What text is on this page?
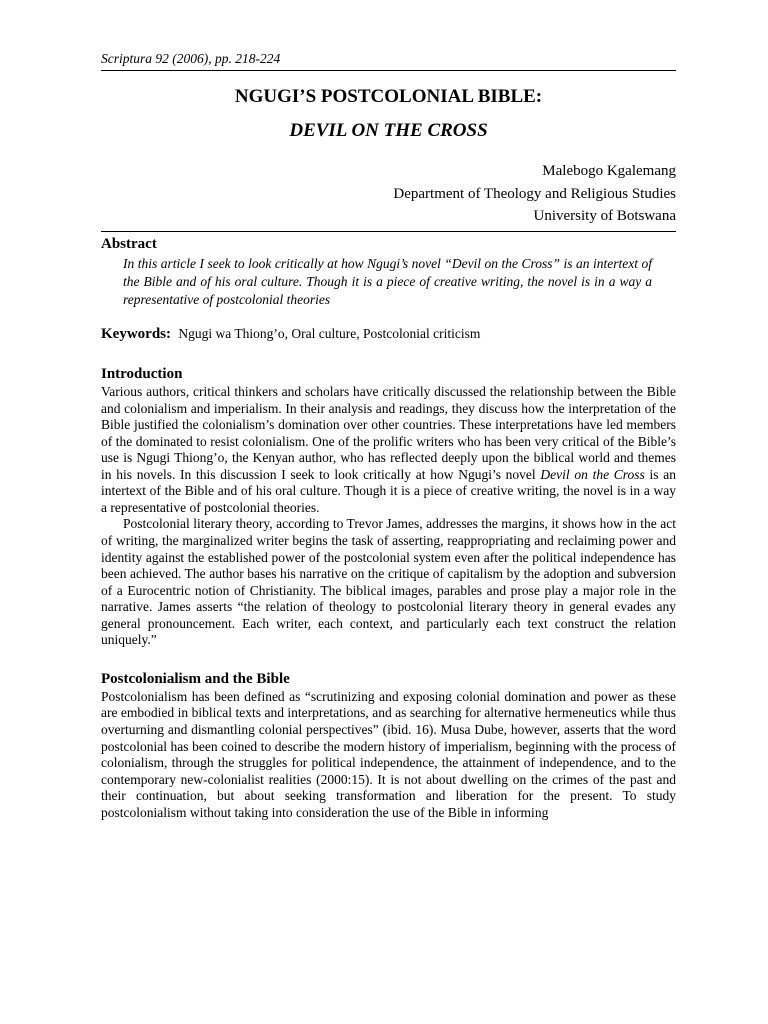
Scriptura 92 (2006), pp. 218-224
NGUGI’S POSTCOLONIAL BIBLE:
DEVIL ON THE CROSS
Malebogo Kgalemang
Department of Theology and Religious Studies
University of Botswana
Abstract
In this article I seek to look critically at how Ngugi’s novel “Devil on the Cross” is an intertext of the Bible and of his oral culture. Though it is a piece of creative writing, the novel is in a way a representative of postcolonial theories
Keywords: Ngugi wa Thiong’o, Oral culture, Postcolonial criticism
Introduction

Various authors, critical thinkers and scholars have critically discussed the relationship between the Bible and colonialism and imperialism. In their analysis and readings, they discuss how the interpretation of the Bible justified the colonialism’s domination over other countries. These interpretations have led members of the dominated to resist colonialism. One of the prolific writers who has been very critical of the Bible’s use is Ngugi Thiong’o, the Kenyan author, who has reflected deeply upon the biblical world and themes in his novels. In this discussion I seek to look critically at how Ngugi’s novel Devil on the Cross is an intertext of the Bible and of his oral culture. Though it is a piece of creative writing, the novel is in a way a representative of postcolonial theories.

Postcolonial literary theory, according to Trevor James, addresses the margins, it shows how in the act of writing, the marginalized writer begins the task of asserting, reappropriating and reclaiming power and identity against the established power of the postcolonial system even after the political independence has been achieved. The author bases his narrative on the critique of capitalism by the adoption and subversion of a Eurocentric notion of Christianity. The biblical images, parables and prose play a major role in the narrative. James asserts “the relation of theology to postcolonial literary theory in general evades any general pronouncement. Each writer, each context, and particularly each text construct the relation uniquely.”

Postcolonialism and the Bible

Postcolonialism has been defined as “scrutinizing and exposing colonial domination and power as these are embodied in biblical texts and interpretations, and as searching for alternative hermeneutics while thus overturning and dismantling colonial perspectives” (ibid. 16). Musa Dube, however, asserts that the word postcolonial has been coined to describe the modern history of imperialism, beginning with the process of colonialism, through the struggles for political independence, the attainment of independence, and to the contemporary new-colonialist realities (2000:15). It is not about dwelling on the crimes of the past and their continuation, but about seeking transformation and liberation for the present. To study postcolonialism without taking into consideration the use of the Bible in informing
